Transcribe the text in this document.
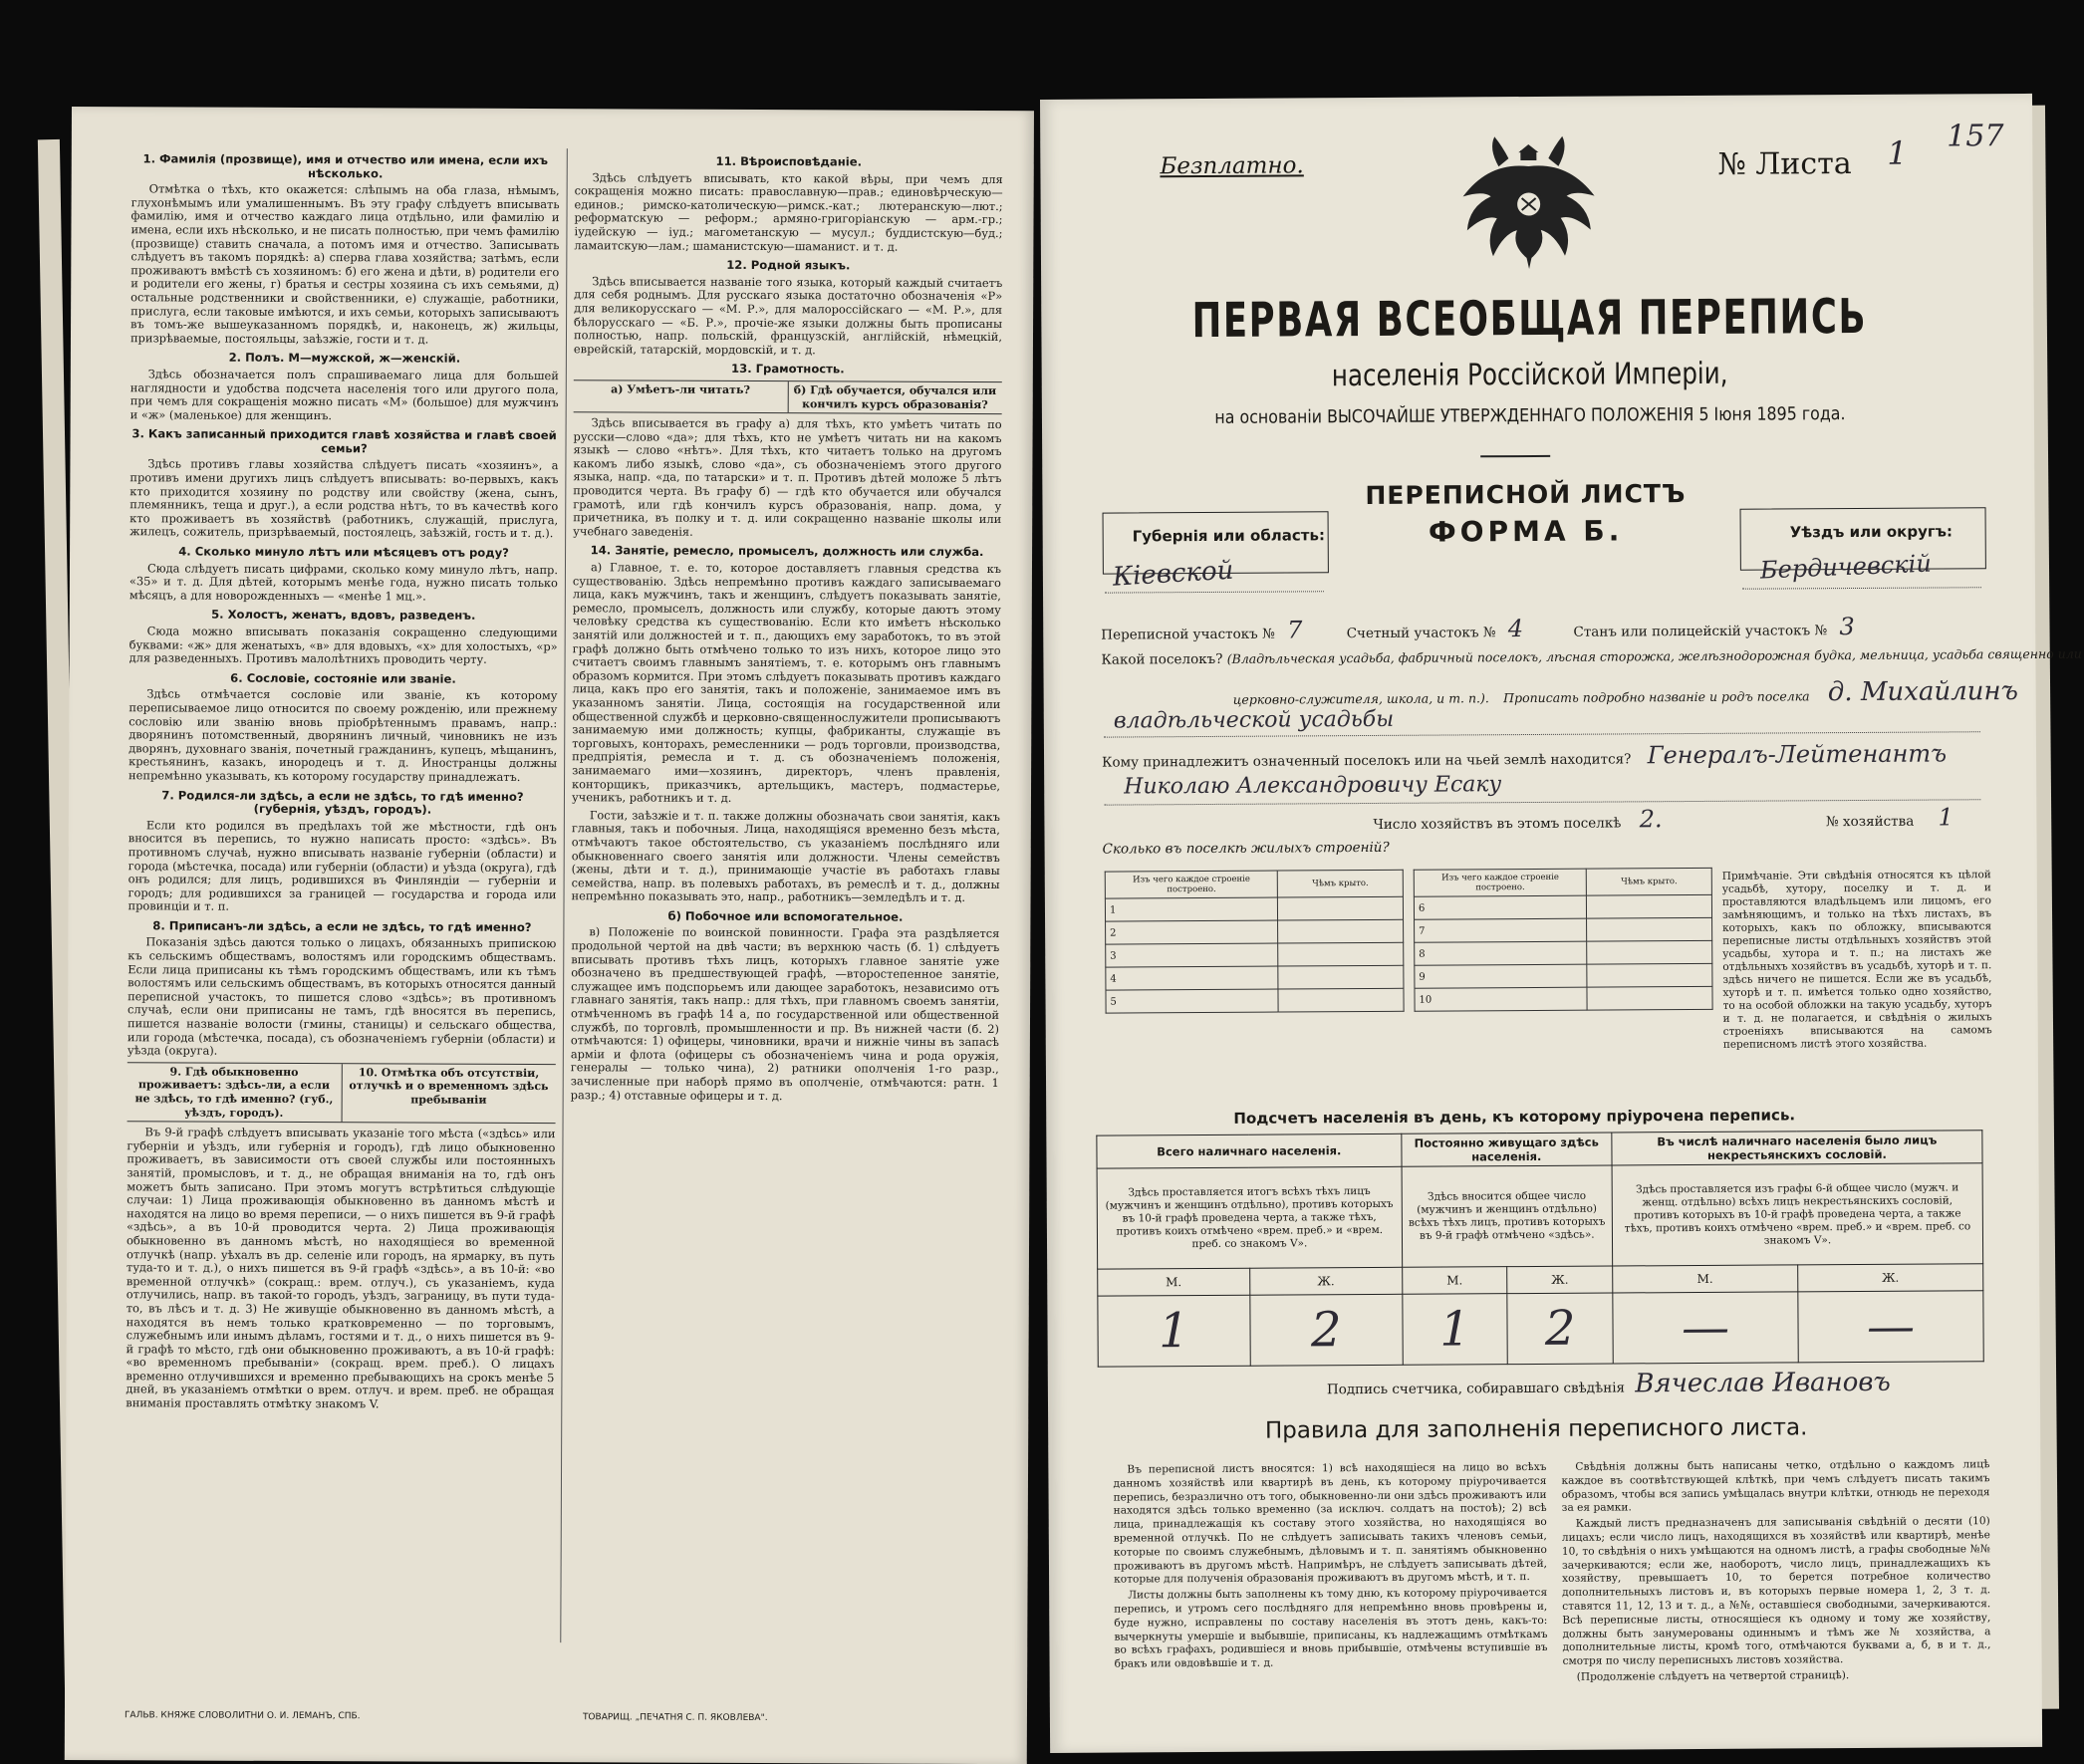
1. Фамилія (прозвище), имя и отчество или имена, если ихъ нѣсколько.

Отмѣтка о тѣхъ, кто окажется: слѣпымъ на оба глаза, нѣмымъ, глухонѣмымъ или умалишеннымъ. Въ эту графу слѣдуетъ вписывать фамилію, имя и отчество каждаго лица отдѣльно, или фамилію и имена, если ихъ нѣсколько, и не писать полностью, при чемъ фамилію (прозвище) ставить сначала, а потомъ имя и отчество. Записывать слѣдуетъ въ такомъ порядкѣ: а) сперва глава хозяйства; затѣмъ, если проживаютъ вмѣстѣ съ хозяиномъ: б) его жена и дѣти, в) родители его и родители его жены, г) братья и сестры хозяина съ ихъ семьями, д) остальные родственники и свойственники, е) служащіе, работники, прислуга, если таковые имѣются, и ихъ семьи, которыхъ записываютъ въ томъ-же вышеуказанномъ порядкѣ, и, наконецъ, ж) жильцы, призрѣваемые, постояльцы, заѣзжіе, гости и т. д.

2. Полъ. М—мужской, ж—женскій.

Здѣсь обозначается полъ спрашиваемаго лица для большей наглядности и удобства подсчета населенія того или другого пола, при чемъ для сокращенія можно писать «М» (большое) для мужчинъ и «ж» (маленькое) для женщинъ.

3. Какъ записанный приходится главѣ хозяйства и главѣ своей семьи?

Здѣсь противъ главы хозяйства слѣдуетъ писать «хозяинъ», а противъ имени другихъ лицъ слѣдуетъ вписывать: во-первыхъ, какъ кто приходится хозяину по родству или свойству (жена, сынъ, племянникъ, теща и друг.), а если родства нѣтъ, то въ качествѣ кого кто проживаетъ въ хозяйствѣ (работникъ, служащій, прислуга, жилецъ, сожитель, призрѣваемый, постоялецъ, заѣзжій, гость и т. д.).

4. Сколько минуло лѣтъ или мѣсяцевъ отъ роду?

Сюда слѣдуетъ писать цифрами, сколько кому минуло лѣтъ, напр. «35» и т. д. Для дѣтей, которымъ менѣе года, нужно писать только мѣсяцъ, а для новорожденныхъ — «менѣе 1 мц.».

5. Холостъ, женатъ, вдовъ, разведенъ.

Сюда можно вписывать показанія сокращенно следующими буквами: «ж» для женатыхъ, «в» для вдовыхъ, «х» для холостыхъ, «р» для разведенныхъ. Противъ малолѣтнихъ проводить черту.

6. Сословіе, состояніе или званіе.

Здѣсь отмѣчается сословіе или званіе, къ которому переписываемое лицо относится по своему рожденію, или прежнему сословію или званію вновь пріобрѣтеннымъ правамъ, напр.: дворянинъ потомственный, дворянинъ личный, чиновникъ не изъ дворянъ, духовнаго званія, почетный гражданинъ, купецъ, мѣщанинъ, крестьянинъ, казакъ, инородецъ и т. д. Иностранцы должны непремѣнно указывать, къ которому государству принадлежатъ.

7. Родился-ли здѣсь, а если не здѣсь, то гдѣ именно? (губернія, уѣздъ, городъ).

Если кто родился въ предѣлахъ той же мѣстности, гдѣ онъ вносится въ перепись, то нужно написать просто: «здѣсь». Въ противномъ случаѣ, нужно вписывать названіе губерніи (области) и города (мѣстечка, посада) или губерніи (области) и уѣзда (округа), гдѣ онъ родился; для лицъ, родившихся въ Финляндіи — губерніи и городъ; для родившихся за границей — государства и города или провинціи и т. п.

8. Приписанъ-ли здѣсь, а если не здѣсь, то гдѣ именно?

Показанія здѣсь даются только о лицахъ, обязанныхъ припискою къ сельскимъ обществамъ, волостямъ или городскимъ обществамъ. Если лица приписаны къ тѣмъ городскимъ обществамъ, или къ тѣмъ волостямъ или сельскимъ обществамъ, въ которыхъ относятся данный переписной участокъ, то пишется слово «здѣсь»; въ противномъ случаѣ, если они приписаны не тамъ, гдѣ вносятся въ перепись, пишется названіе волости (гмины, станицы) и сельскаго общества, или города (мѣстечка, посада), съ обозначеніемъ губерніи (области) и уѣзда (округа).

9. Гдѣ обыкновенно проживаетъ: здѣсь-ли, а если не здѣсь, то гдѣ именно? (губ., уѣздъ, городъ).
10. Отмѣтка объ отсутствіи, отлучкѣ и о временномъ здѣсь пребываніи

Въ 9-й графѣ слѣдуетъ вписывать указаніе того мѣста («здѣсь» или губерніи и уѣздъ, или губернія и городъ), гдѣ лицо обыкновенно проживаетъ, въ зависимости отъ своей службы или постоянныхъ занятій, промысловъ, и т. д., не обращая вниманія на то, гдѣ онъ можетъ быть записано. При этомъ могутъ встрѣтиться слѣдующіе случаи: 1) Лица проживающія обыкновенно въ данномъ мѣстѣ и находятся на лицо во время переписи, — о нихъ пишется въ 9-й графѣ «здѣсь», а въ 10-й проводится черта. 2) Лица проживающія обыкновенно въ данномъ мѣстѣ, но находящіеся во временной отлучкѣ (напр. уѣхалъ въ др. селеніе или городъ, на ярмарку, въ путь туда-то и т. д.), о нихъ пишется въ 9-й графѣ «здѣсь», а въ 10-й: «во временной отлучкѣ» (сокращ.: врем. отлуч.), съ указаніемъ, куда отлучились, напр. въ такой-то городъ, уѣздъ, заграницу, въ пути туда-то, въ лѣсъ и т. д. 3) Не живущіе обыкновенно въ данномъ мѣстѣ, а находятся въ немъ только кратковременно — по торговымъ, служебнымъ или инымъ дѣламъ, гостями и т. д., о нихъ пишется въ 9-й графѣ то мѣсто, гдѣ они обыкновенно проживаютъ, а въ 10-й графѣ: «во временномъ пребываніи» (сокращ. врем. преб.). О лицахъ временно отлучившихся и временно пребывающихъ на срокъ менѣе 5 дней, въ указаніемъ отмѣтки о врем. отлуч. и врем. преб. не обращая вниманія проставлять отмѣтку знакомъ V.

11. Вѣроисповѣданіе.

Здѣсь слѣдуетъ вписывать, кто какой вѣры, при чемъ для сокращенія можно писать: православную—прав.; единовѣрческую—единов.; римско-католическую—римск.-кат.; лютеранскую—лют.; реформатскую — реформ.; армяно-григоріанскую — арм.-гр.; іудейскую — іуд.; магометанскую — мусул.; буддистскую—буд.; ламаитскую—лам.; шаманистскую—шаманист. и т. д.

12. Родной языкъ.

Здѣсь вписывается названіе того языка, который каждый считаетъ для себя роднымъ. Для русскаго языка достаточно обозначенія «Р» для великорусскаго — «М. Р.», для малороссійскаго — «М. Р.», для бѣлорусскаго — «Б. Р.», прочіе-же языки должны быть прописаны полностью, напр. польскій, французскій, англійскій, нѣмецкій, еврейскій, татарскій, мордовскій, и т. д.

13. Грамотность.
а) Умѣетъ-ли читать?	б) Гдѣ обучается, обучался или кончилъ курсъ образованія?

Здѣсь вписывается въ графу а) для тѣхъ, кто умѣетъ читать по русски—слово «да»; для тѣхъ, кто не умѣетъ читать ни на какомъ языкѣ — слово «нѣтъ». Для тѣхъ, кто читаетъ только на другомъ какомъ либо языкѣ, слово «да», съ обозначеніемъ этого другого языка, напр. «да, по татарски» и т. п. Противъ дѣтей моложе 5 лѣтъ проводится черта. Въ графу б) — гдѣ кто обучается или обучался грамотѣ, или гдѣ кончилъ курсъ образованія, напр. дома, у причетника, въ полку и т. д. или сокращенно названіе школы или учебнаго заведенія.

14. Занятіе, ремесло, промыселъ, должность или служба.

а) Главное, т. е. то, которое доставляетъ главныя средства къ существованію. Здѣсь непремѣнно противъ каждаго записываемаго лица, какъ мужчинъ, такъ и женщинъ, слѣдуетъ показывать занятіе, ремесло, промыселъ, должность или службу, которые даютъ этому человѣку средства къ существованію. Если кто имѣетъ нѣсколько занятій или должностей и т. п., дающихъ ему заработокъ, то въ этой графѣ должно быть отмѣчено только то изъ нихъ, которое лицо это считаетъ своимъ главнымъ занятіемъ, т. е. которымъ онъ главнымъ образомъ кормится. При этомъ слѣдуетъ показывать противъ каждаго лица, какъ про его занятія, такъ и положеніе, занимаемое имъ въ указанномъ занятіи. Лица, состоящія на государственной или общественной службѣ и церковно-священнослужители прописываютъ занимаемую ими должность; купцы, фабриканты, служащіе въ торговыхъ, конторахъ, ремесленники — родъ торговли, производства, предпріятія, ремесла и т. д. съ обозначеніемъ положенія, занимаемаго ими—хозяинъ, директоръ, членъ правленія, конторщикъ, приказчикъ, артельщикъ, мастеръ, подмастерье, ученикъ, работникъ и т. д.

Гости, заѣзжіе и т. п. также должны обозначать свои занятія, какъ главныя, такъ и побочныя. Лица, находящіяся временно безъ мѣста, отмѣчаютъ такое обстоятельство, съ указаніемъ послѣдняго или обыкновеннаго своего занятія или должности. Члены семействъ (жены, дѣти и т. д.), принимающіе участіе въ работахъ главы семейства, напр. въ полевыхъ работахъ, въ ремеслѣ и т. д., должны непремѣнно показывать это, напр., работникъ—земледѣлъ и т. д.

б) Побочное или вспомогательное.

в) Положеніе по воинской повинности. Графа эта раздѣляется продольной чертой на двѣ части; въ верхнюю часть (б. 1) слѣдуетъ вписывать противъ тѣхъ лицъ, которыхъ главное занятіе уже обозначено въ предшествующей графѣ, —второстепенное занятіе, служащее имъ подспорьемъ или дающее заработокъ, независимо отъ главнаго занятія, такъ напр.: для тѣхъ, при главномъ своемъ занятіи, отмѣченномъ въ графѣ 14 а, по государственной или общественной службѣ, по торговлѣ, промышленности и пр. Въ нижней части (б. 2) отмѣчаются: 1) офицеры, чиновники, врачи и нижніе чины въ запасѣ арміи и флота (офицеры съ обозначеніемъ чина и рода оружія, генералы — только чина), 2) ратники ополченія 1-го разр., зачисленные при наборѣ прямо въ ополченіе, отмѣчаются: ратн. 1 разр.; 4) отставные офицеры и т. д.

ГАЛЬВ. КНЯЖЕ СЛОВОЛИТНИ О. И. ЛЕМАНЪ, СПБ.	ТОВАРИЩ. „ПЕЧАТНЯ С. П. ЯКОВЛЕВА".
Безплатно.	№ Листа 1 157
ПЕРВАЯ ВСЕОБЩАЯ ПЕРЕПИСЬ
населенія Россійской Имперіи,
на основаніи ВЫСОЧАЙШЕ УТВЕРЖДЕННАГО ПОЛОЖЕНІЯ 5 Іюня 1895 года.
Губернія или область:
Кіевской
ПЕРЕПИСНОЙ ЛИСТЪ
ФОРМА Б.	Уѣздъ или округъ:
Бердичевскій
Переписной участокъ № 7	Счетный участокъ № 4	Станъ или полицейскій участокъ № 3
Какой поселокъ? (Владѣльческая усадьба, фабричный поселокъ, лѣсная сторожка, желѣзнодорожная будка, мельница, усадьба священно или
церковно-служителя, школа, и т. п.). Прописать подробно названіе и родъ поселка д. Михайлинъ
владѣльческой усадьбы
Кому принадлежитъ означенный поселокъ или на чьей землѣ находится? Генералъ-Лейтенантъ
Николаю Александровичу Есаку
Число хозяйствъ въ этомъ поселкѣ 2.	№ хозяйства 1
Сколько въ поселкѣ жилыхъ строеній?
Изъ чего каждое строеніе построено.	Чѣмъ крыто.
1	
2	
3	
4	
5	
Изъ чего каждое строеніе построено.	Чѣмъ крыто.
6	
7	
8	
9	
10	
Примѣчаніе. Эти свѣдѣнія относятся къ цѣлой усадьбѣ, хутору, поселку и т. д. и проставляются владѣльцемъ или лицомъ, его замѣняющимъ, и только на тѣхъ листахъ, въ которыхъ, какъ по обложку, вписываются переписные листы отдѣльныхъ хозяйствъ этой усадьбы, хутора и т. п.; на листахъ же отдѣльныхъ хозяйствъ въ усадьбѣ, хуторѣ и т. п. здѣсь ничего не пишется. Если же въ усадьбѣ, хуторѣ и т. п. имѣется только одно хозяйство, то на особой обложки на такую усадьбу, хуторъ и т. д. не полагается, и свѣдѣнія о жилыхъ строеніяхъ вписываются на самомъ переписномъ листѣ этого хозяйства.
Подсчетъ населенія въ день, къ которому пріурочена перепись.
Всего наличнаго населенія.		Постоянно живущаго здѣсь населенія.		Въ числѣ наличнаго населенія было лицъ некрестьянскихъ сословій.	
Здѣсь проставляется итогъ всѣхъ тѣхъ лицъ (мужчинъ и женщинъ отдѣльно), противъ которыхъ въ 10-й графѣ проведена черта, а также тѣхъ, противъ коихъ отмѣчено «врем. преб.» и «врем. преб. со знакомъ V».		Здѣсь вносится общее число (мужчинъ и женщинъ отдѣльно) всѣхъ тѣхъ лицъ, противъ которыхъ въ 9-й графѣ отмѣчено «здѣсь».		Здѣсь проставляется изъ графы 6-й общее число (мужч. и женщ. отдѣльно) всѣхъ лицъ некрестьянскихъ сословій, противъ которыхъ въ 10-й графѣ проведена черта, а также тѣхъ, противъ коихъ отмѣчено «врем. преб.» и «врем. преб. со знакомъ V».	
М.	Ж.	М.	Ж.	М.	Ж.
1	2	1	2	—	—
Подпись счетчика, собиравшаго свѣдѣнія Вячеслав Ивановъ
Правила для заполненія переписного листа.

Въ переписной листъ вносятся: 1) всѣ находящіеся на лицо во всѣхъ данномъ хозяйствѣ или квартирѣ въ день, къ которому пріурочивается перепись, безразлично отъ того, обыкновенно-ли они здѣсь проживаютъ или находятся здѣсь только временно (за исключ. солдатъ на постоѣ); 2) всѣ лица, принадлежащія къ составу этого хозяйства, но находящіяся во временной отлучкѣ. По не слѣдуетъ записывать такихъ членовъ семьи, которые по своимъ служебнымъ, дѣловымъ и т. п. занятіямъ обыкновенно проживаютъ въ другомъ мѣстѣ. Напримѣръ, не слѣдуетъ записывать дѣтей, которые для полученія образованія проживаютъ въ другомъ мѣстѣ, и т. п.

Листы должны быть заполнены къ тому дню, къ которому пріурочивается перепись, и утромъ сего послѣдняго для непремѣнно вновь провѣрены и, буде нужно, исправлены по составу населенія въ этотъ день, какъ-то: вычеркнуты умершіе и выбывшіе, приписаны, къ надлежащимъ отмѣткамъ во всѣхъ графахъ, родившіеся и вновь прибывшіе, отмѣчены вступившіе въ бракъ или овдовѣвшіе и т. д.

Свѣдѣнія должны быть написаны четко, отдѣльно о каждомъ лицѣ каждое въ соотвѣтствующей клѣткѣ, при чемъ слѣдуетъ писать такимъ образомъ, чтобы вся запись умѣщалась внутри клѣтки, отнюдь не переходя за ея рамки.

Каждый листъ предназначенъ для записыванія свѣдѣній о десяти (10) лицахъ; если число лицъ, находящихся въ хозяйствѣ или квартирѣ, менѣе 10, то свѣдѣнія о нихъ умѣщаются на одномъ листѣ, а графы свободные №№ зачеркиваются; если же, наоборотъ, число лицъ, принадлежащихъ къ хозяйству, превышаетъ 10, то берется потребное количество дополнительныхъ листовъ и, въ которыхъ первые номера 1, 2, 3 т. д. ставятся 11, 12, 13 и т. д., а №№, оставшіеся свободными, зачеркиваются. Всѣ переписные листы, относящіеся къ одному и тому же хозяйству, должны быть занумерованы одиннымъ и тѣмъ же № хозяйства, а дополнительные листы, кромѣ того, отмѣчаются буквами а, б, в и т. д., смотря по числу переписныхъ листовъ хозяйства.

(Продолженіе слѣдуетъ на четвертой страницѣ).
